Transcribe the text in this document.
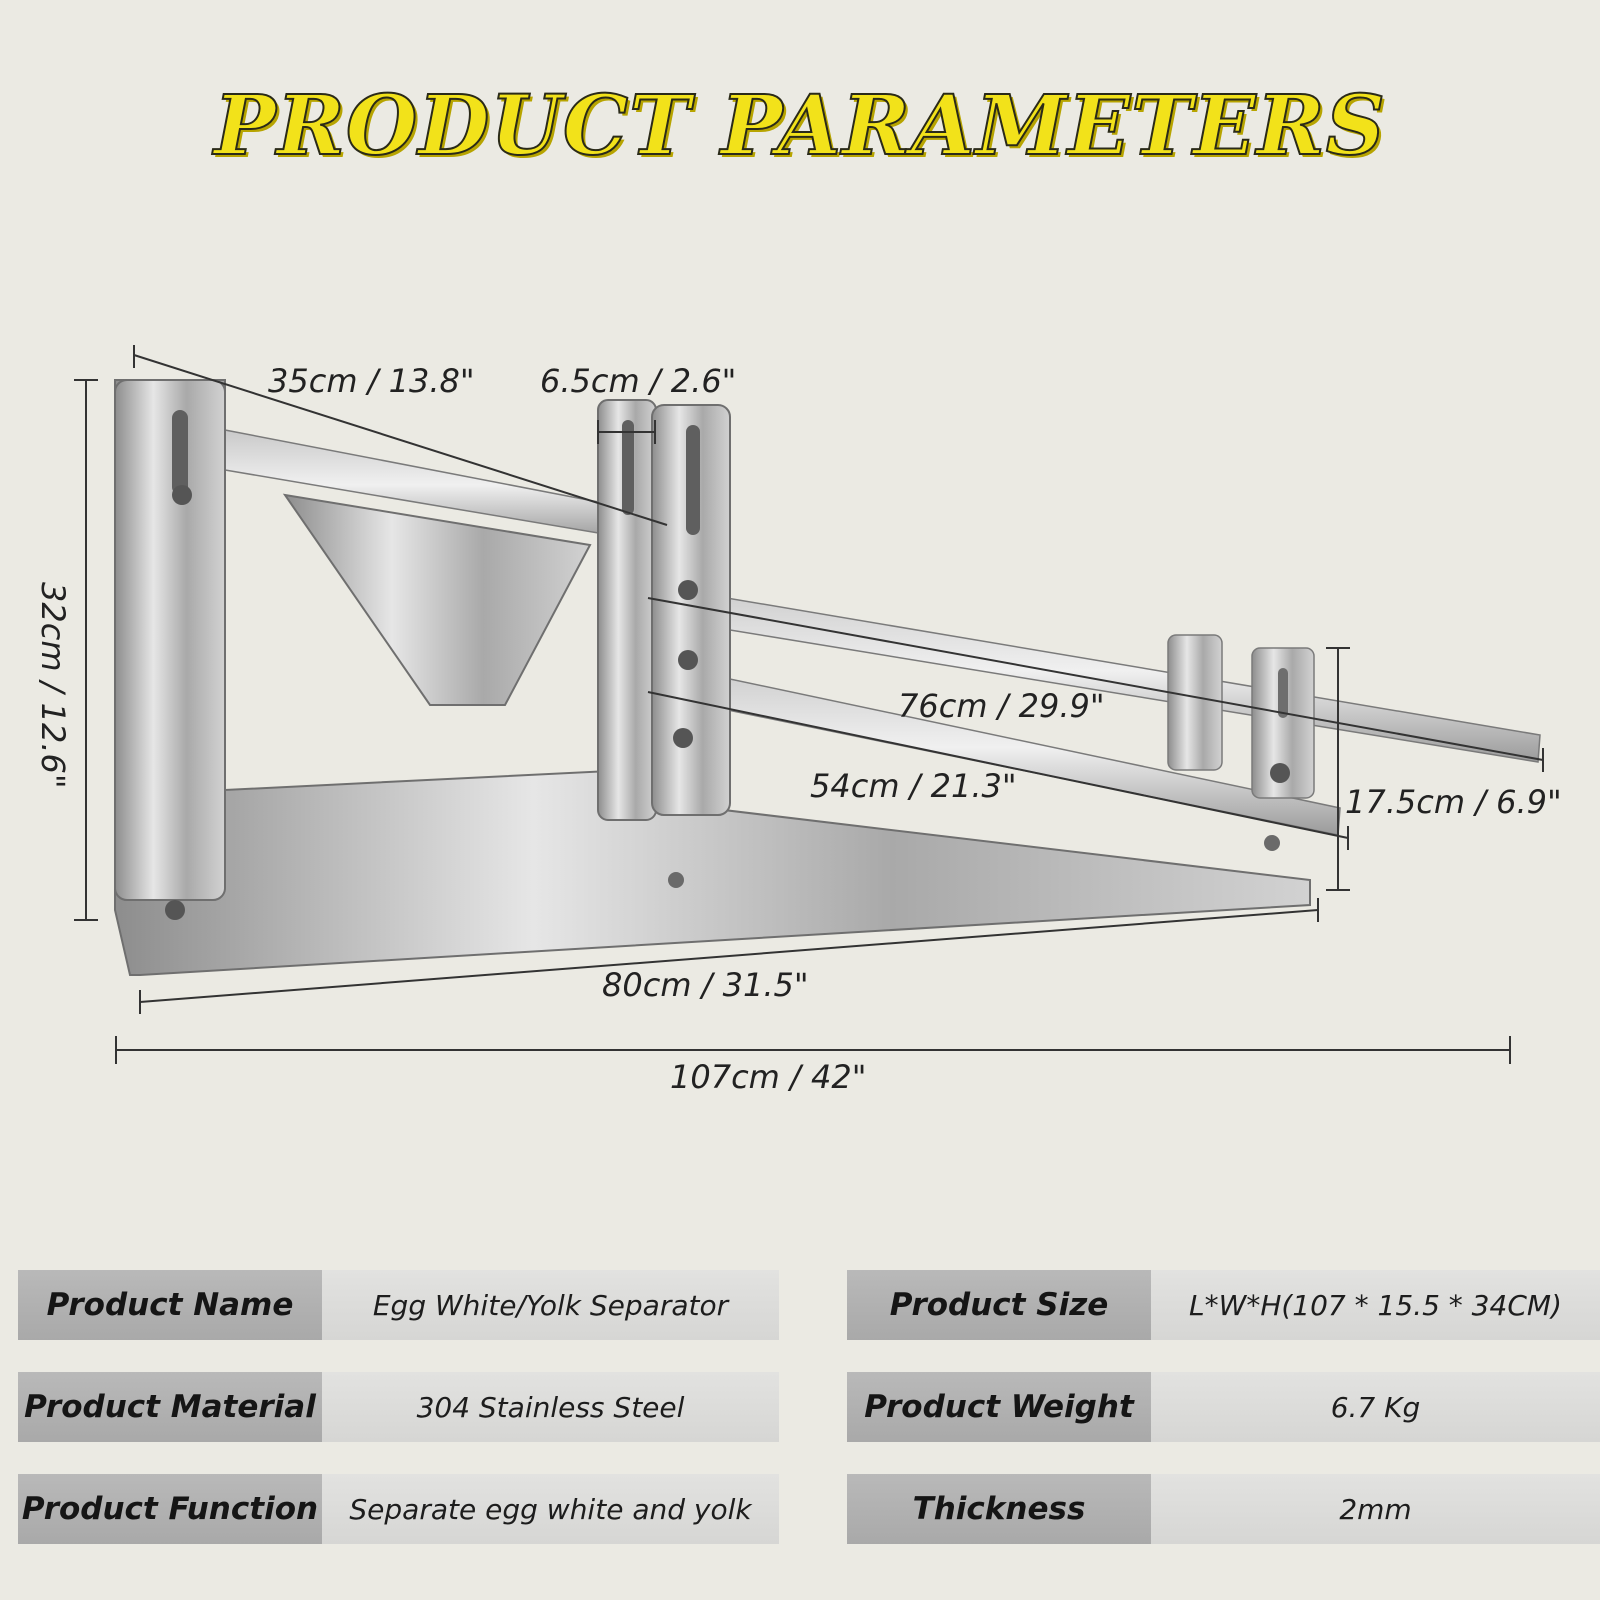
PRODUCT PARAMETERS
35cm / 13.8" 6.5cm / 2.6"
32cm / 12.6"	76cm / 29.9"
54cm / 21.3"	17.5cm / 6.9"
80cm / 31.5"
107cm / 42"
Product Name	Egg White/Yolk Separator	Product Size	L*W*H(107 * 15.5 * 34CM)
Product Material	304 Stainless Steel	Product Weight	6.7 Kg
Product Function	Separate egg white and yolk	Thickness	2mm
